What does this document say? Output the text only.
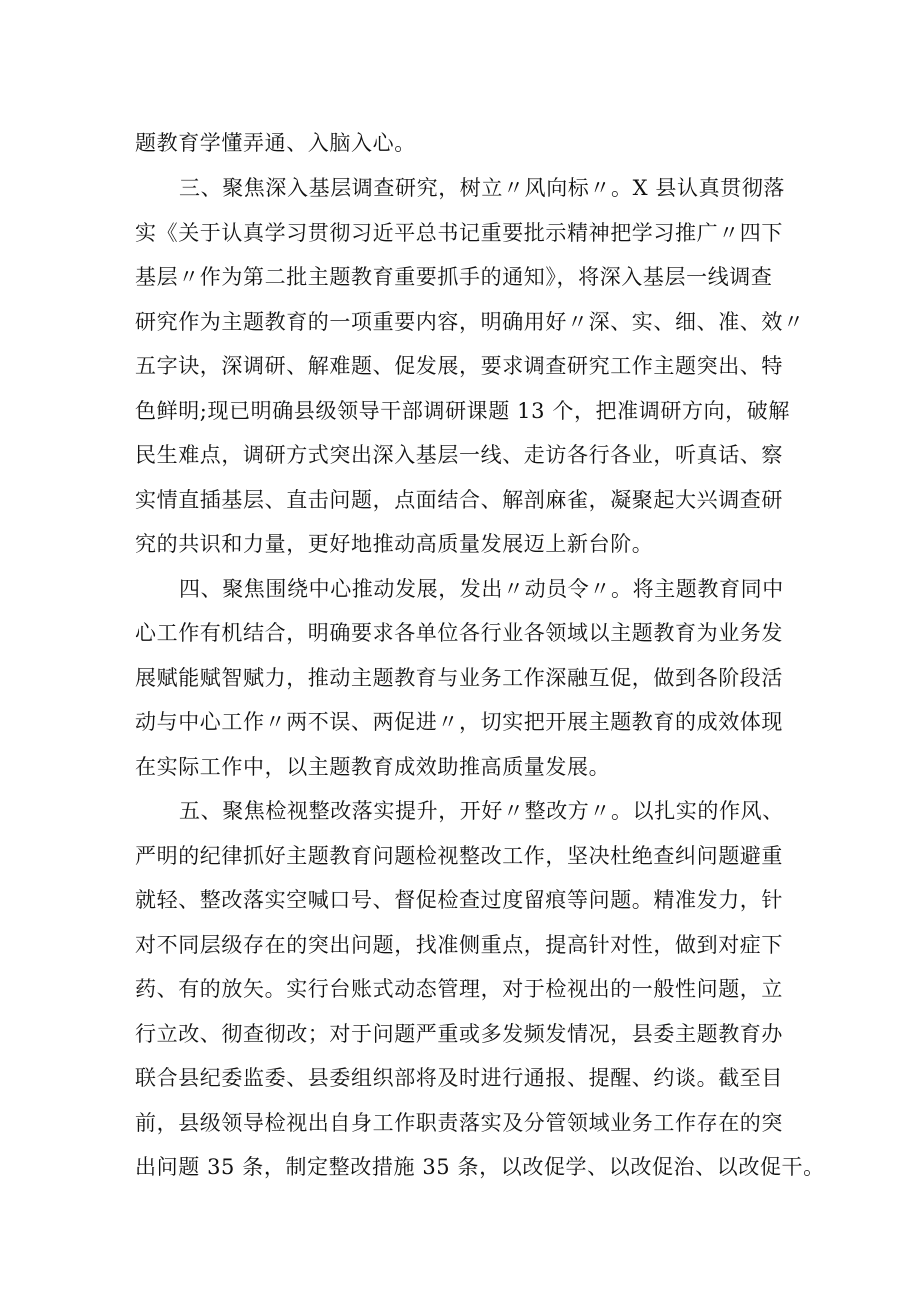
题教育学懂弄通、入脑入心。

三、聚焦深入基层调查研究，树立〃风向标〃。X 县认真贯彻落

实《关于认真学习贯彻习近平总书记重要批示精神把学习推广〃四下

基层〃作为第二批主题教育重要抓手的通知》，将深入基层一线调查

研究作为主题教育的一项重要内容，明确用好〃深、实、细、准、效〃

五字诀，深调研、解难题、促发展，要求调查研究工作主题突出、特

色鲜明;现已明确县级领导干部调研课题 13 个，把准调研方向，破解

民生难点，调研方式突出深入基层一线、走访各行各业，听真话、察

实情直插基层、直击问题，点面结合、解剖麻雀，凝聚起大兴调查研

究的共识和力量，更好地推动高质量发展迈上新台阶。

四、聚焦围绕中心推动发展，发出〃动员令〃。将主题教育同中

心工作有机结合，明确要求各单位各行业各领域以主题教育为业务发

展赋能赋智赋力，推动主题教育与业务工作深融互促，做到各阶段活

动与中心工作〃两不误、两促进〃，切实把开展主题教育的成效体现

在实际工作中，以主题教育成效助推高质量发展。

五、聚焦检视整改落实提升，开好〃整改方〃。以扎实的作风、

严明的纪律抓好主题教育问题检视整改工作，坚决杜绝查纠问题避重

就轻、整改落实空喊口号、督促检查过度留痕等问题。精准发力，针

对不同层级存在的突出问题，找准侧重点，提高针对性，做到对症下

药、有的放矢。实行台账式动态管理，对于检视出的一般性问题，立

行立改、彻查彻改；对于问题严重或多发频发情况，县委主题教育办

联合县纪委监委、县委组织部将及时进行通报、提醒、约谈。截至目

前，县级领导检视出自身工作职责落实及分管领域业务工作存在的突

出问题 35 条，制定整改措施 35 条，以改促学、以改促治、以改促干。
